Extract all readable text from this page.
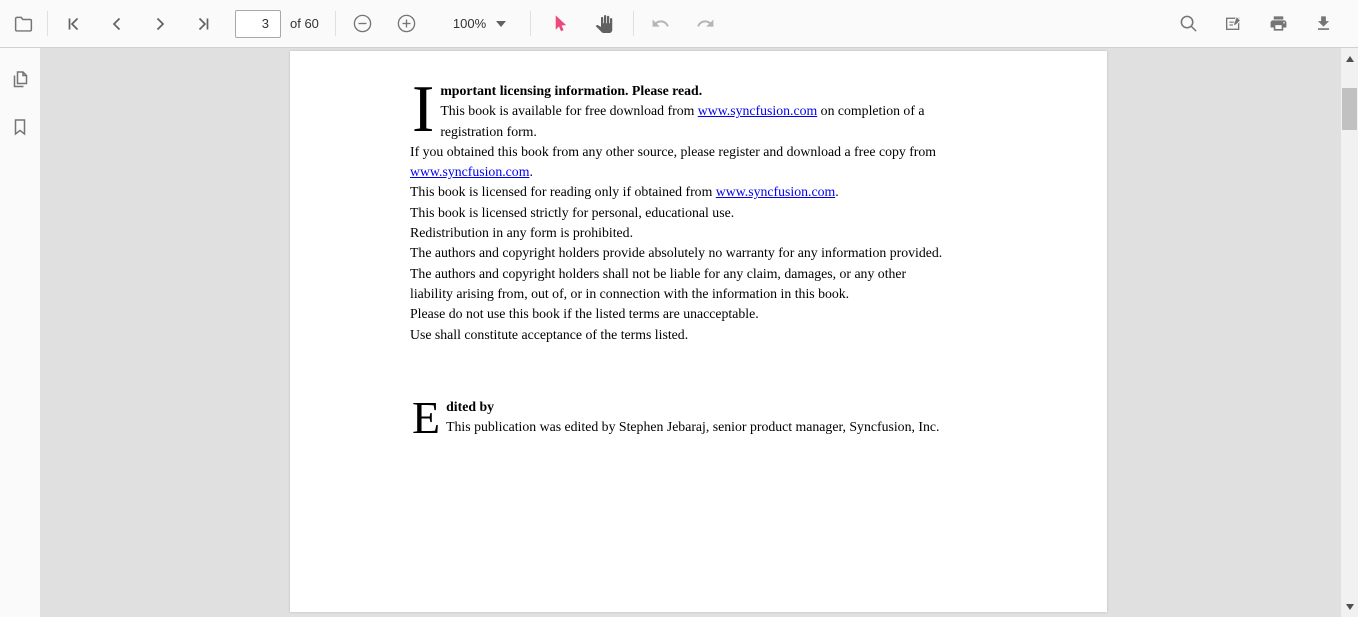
3
of 60	100%
I mportant licensing information. Please read.
This book is available for free download from www.syncfusion.com on completion of a
registration form.
If you obtained this book from any other source, please register and download a free copy from
www.syncfusion.com.
This book is licensed for reading only if obtained from www.syncfusion.com.
This book is licensed strictly for personal, educational use.
Redistribution in any form is prohibited.
The authors and copyright holders provide absolutely no warranty for any information provided.
The authors and copyright holders shall not be liable for any claim, damages, or any other
liability arising from, out of, or in connection with the information in this book.
Please do not use this book if the listed terms are unacceptable.
Use shall constitute acceptance of the terms listed.
E dited by
This publication was edited by Stephen Jebaraj, senior product manager, Syncfusion, Inc.
